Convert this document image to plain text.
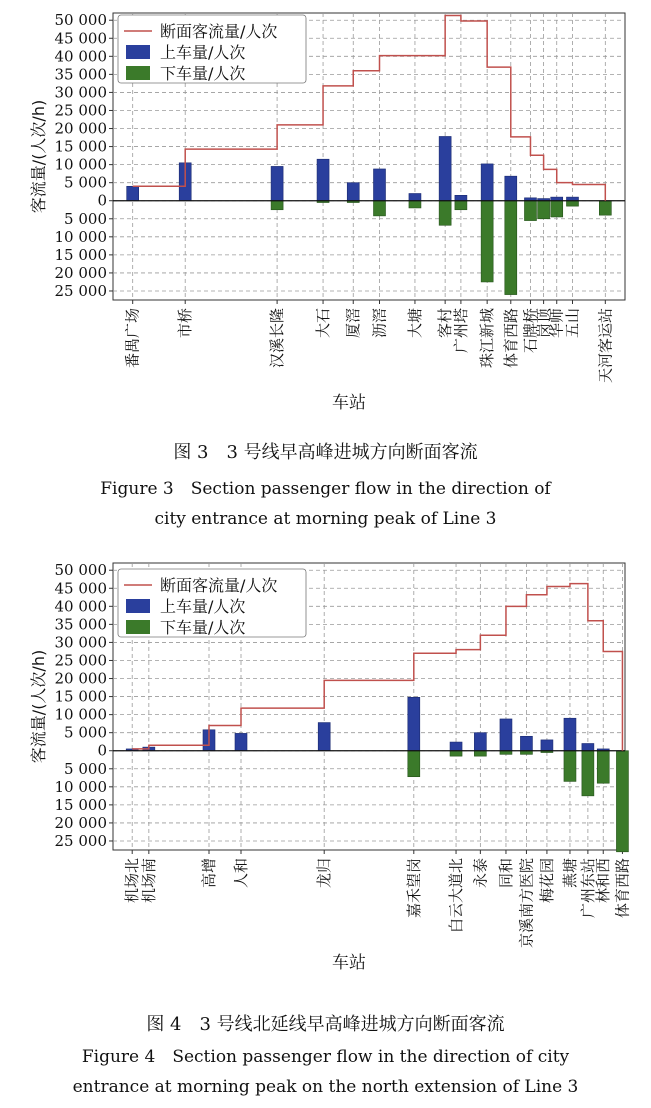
50 000
45 000
40 000
35 000
30 000
25 000
20 000
15 000
10 000
5 000
0
5 000
10 000
15 000
20 000
25 000
断面客流量/人次
上车量/人次
下车量/人次
番禺广场 市桥	汉溪长隆 大石 厦滘 沥滘 大塘 客村
广州塔 珠江新城 体育西路 石牌桥
岗顶
华师
五山 天河客运站
客流量/(人次/h)
车站
图 3　3 号线早高峰进城方向断面客流
Figure 3　Section passenger flow in the direction of
city entrance at morning peak of Line 3
50 000
45 000
40 000
35 000
30 000
25 000
20 000
15 000
10 000
5 000
0
5 000
10 000
15 000
20 000
25 000
断面客流量/人次
上车量/人次
下车量/人次
机场北
机场南	高增 人和	龙归	嘉禾望岗 白云大道北 永泰 同和 京溪南方医院 梅花园 燕塘 广州东站
林和西 体育西路
客流量/(人次/h)
车站
图 4　3 号线北延线早高峰进城方向断面客流
Figure 4　Section passenger flow in the direction of city
entrance at morning peak on the north extension of Line 3
